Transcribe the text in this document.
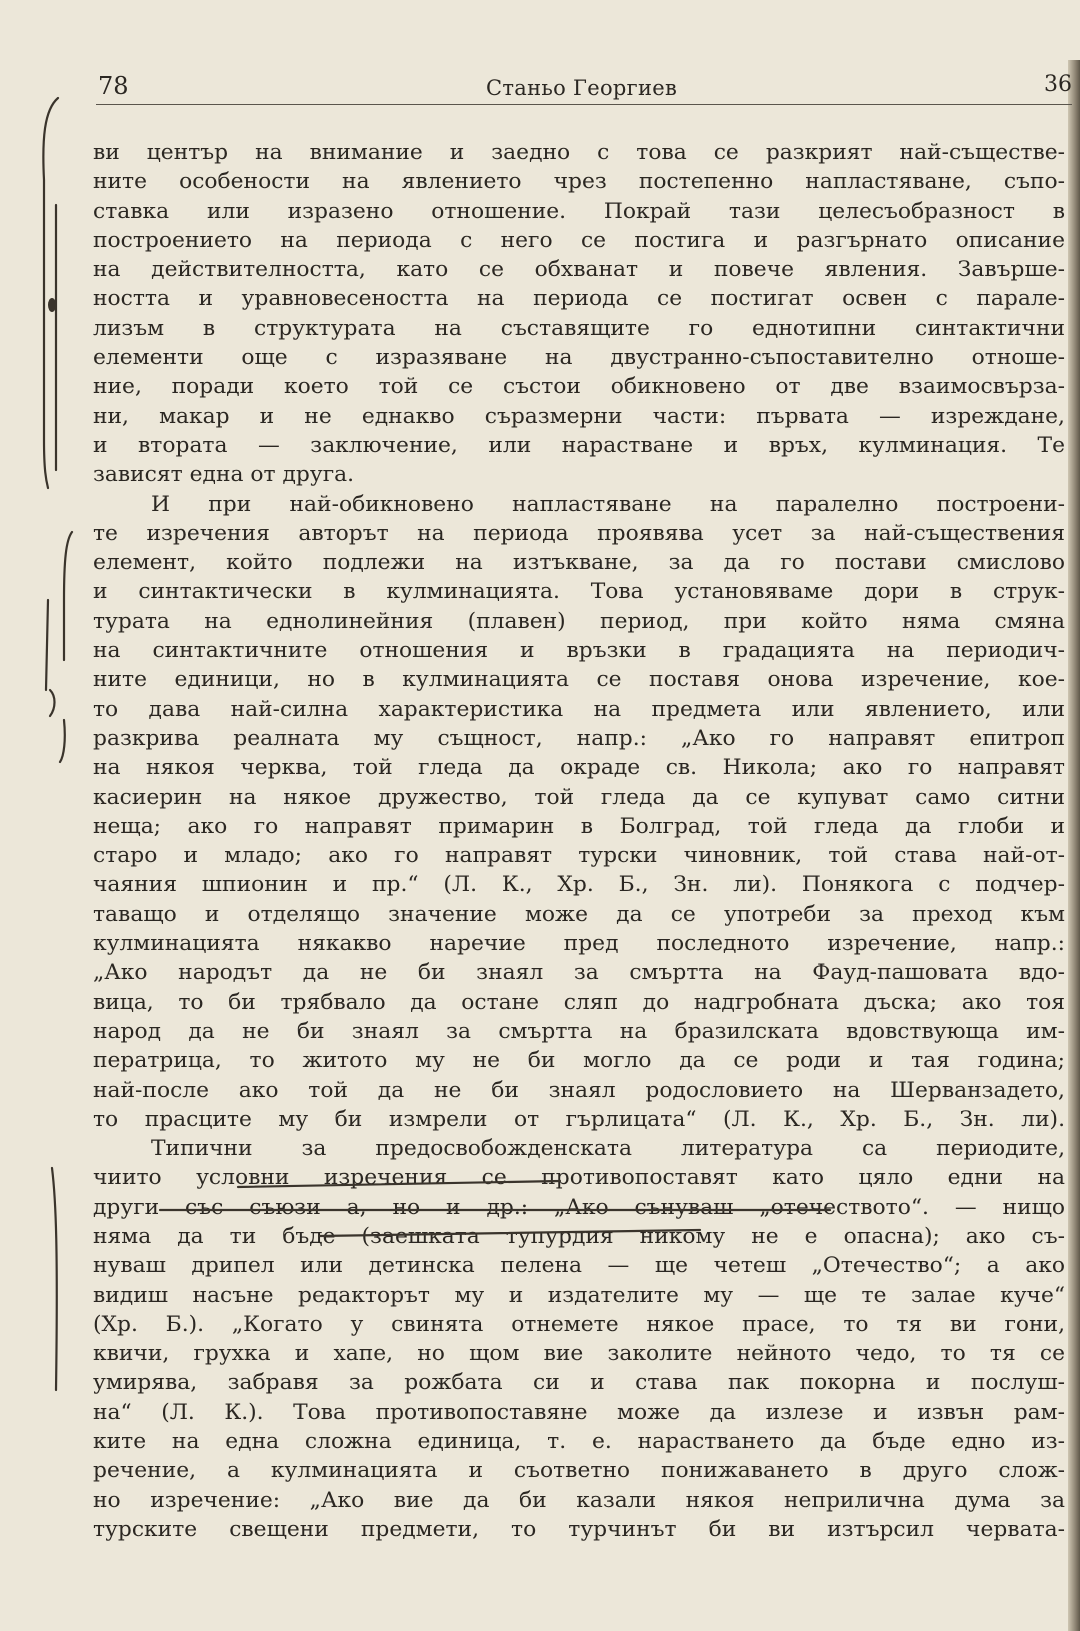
78	Станьо Георгиев	36
ви център на внимание и заедно с това се разкрият най-съществе-
ните особености на явлението чрез постепенно напластяване, съпо-
ставка или изразено отношение. Покрай тази целесъобразност в
построението на периода с него се постига и разгърнато описание
на действителността, като се обхванат и повече явления. Завърше-
ността и уравновесеността на периода се постигат освен с парале-
лизъм в структурата на съставящите го еднотипни синтактични
елементи още с изразяване на двустранно-съпоставително отноше-
ние, поради което той се състои обикновено от две взаимосвърза-
ни, макар и не еднакво съразмерни части: първата — изреждане,
и втората — заключение, или нарастване и връх, кулминация. Те
зависят една от друга.
И при най-обикновено напластяване на паралелно построени-
те изречения авторът на периода проявява усет за най-съществения
елемент, който подлежи на изтъкване, за да го постави смислово
и синтактически в кулминацията. Това установяваме дори в струк-
турата на еднолинейния (плавен) период, при който няма смяна
на синтактичните отношения и връзки в градацията на периодич-
ните единици, но в кулминацията се поставя онова изречение, кое-
то дава най-силна характеристика на предмета или явлението, или
разкрива реалната му същност, напр.: „Ако го направят епитроп
на някоя черква, той гледа да окраде св. Никола; ако го направят
касиерин на някое дружество, той гледа да се купуват само ситни
неща; ако го направят примарин в Болград, той гледа да глоби и
старо и младо; ако го направят турски чиновник, той става най-от-
чаяния шпионин и пр.“ (Л. К., Хр. Б., Зн. ли). Понякога с подчер-
таващо и отделящо значение може да се употреби за преход към
кулминацията някакво наречие пред последното изречение, напр.:
„Ако народът да не би знаял за смъртта на Фауд-пашовата вдо-
вица, то би трябвало да остане сляп до надгробната дъска; ако тоя
народ да не би знаял за смъртта на бразилската вдовствующа им-
ператрица, то житото му не би могло да се роди и тая година;
най-после ако той да не би знаял родословието на Шерванзадето,
то прасците му би измрели от гърлицата“ (Л. К., Хр. Б., Зн. ли).
Типични за предосвобожденската литература са периодите,
чиито условни изречения се противопоставят като цяло едни на
други със съюзи а, но и др.: „Ако сънуваш „отечеството“. — нищо
няма да ти бъде (заешката тупурдия никому не е опасна); ако съ-
нуваш дрипел или детинска пелена — ще четеш „Отечество“; а ако
видиш насъне редакторът му и издателите му — ще те залае куче“
(Хр. Б.). „Когато у свинята отнемете някое прасе, то тя ви гони,
квичи, грухка и хапе, но щом вие заколите нейното чедо, то тя се
умирява, забравя за рожбата си и става пак покорна и послуш-
на“ (Л. К.). Това противопоставяне може да излезе и извън рам-
ките на една сложна единица, т. е. нарастването да бъде едно из-
речение, а кулминацията и съответно понижаването в друго слож-
но изречение: „Ако вие да би казали някоя неприлична дума за
турските свещени предмети, то турчинът би ви изтърсил червата-
